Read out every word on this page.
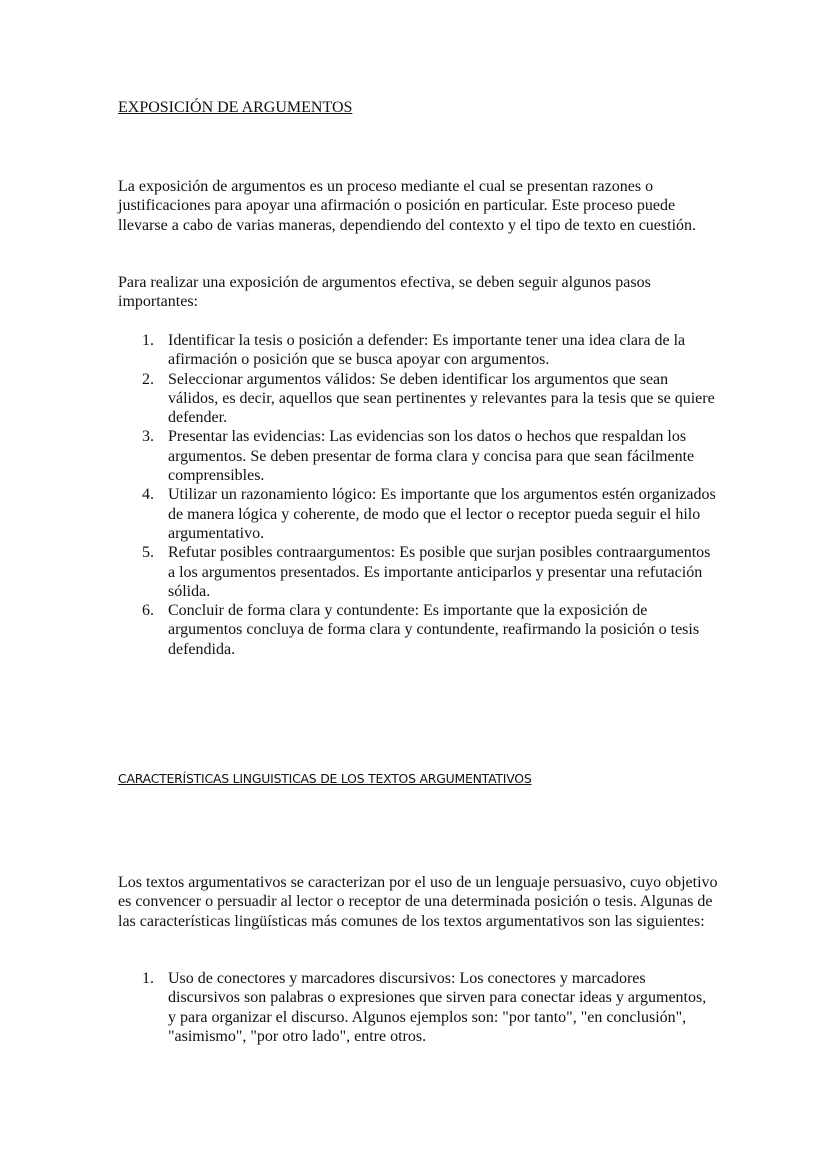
EXPOSICIÓN DE ARGUMENTOS

La exposición de argumentos es un proceso mediante el cual se presentan razones o justificaciones para apoyar una afirmación o posición en particular. Este proceso puede llevarse a cabo de varias maneras, dependiendo del contexto y el tipo de texto en cuestión.

Para realizar una exposición de argumentos efectiva, se deben seguir algunos pasos importantes:

1. Identificar la tesis o posición a defender: Es importante tener una idea clara de la afirmación o posición que se busca apoyar con argumentos.
2. Seleccionar argumentos válidos: Se deben identificar los argumentos que sean válidos, es decir, aquellos que sean pertinentes y relevantes para la tesis que se quiere defender.
3. Presentar las evidencias: Las evidencias son los datos o hechos que respaldan los argumentos. Se deben presentar de forma clara y concisa para que sean fácilmente comprensibles.
4. Utilizar un razonamiento lógico: Es importante que los argumentos estén organizados de manera lógica y coherente, de modo que el lector o receptor pueda seguir el hilo argumentativo.
5. Refutar posibles contraargumentos: Es posible que surjan posibles contraargumentos a los argumentos presentados. Es importante anticiparlos y presentar una refutación sólida.
6. Concluir de forma clara y contundente: Es importante que la exposición de argumentos concluya de forma clara y contundente, reafirmando la posición o tesis defendida.
CARACTERÍSTICAS LINGUISTICAS DE LOS TEXTOS ARGUMENTATIVOS

Los textos argumentativos se caracterizan por el uso de un lenguaje persuasivo, cuyo objetivo es convencer o persuadir al lector o receptor de una determinada posición o tesis. Algunas de las características lingüísticas más comunes de los textos argumentativos son las siguientes:

1. Uso de conectores y marcadores discursivos: Los conectores y marcadores discursivos son palabras o expresiones que sirven para conectar ideas y argumentos, y para organizar el discurso. Algunos ejemplos son: "por tanto", "en conclusión", "asimismo", "por otro lado", entre otros.
